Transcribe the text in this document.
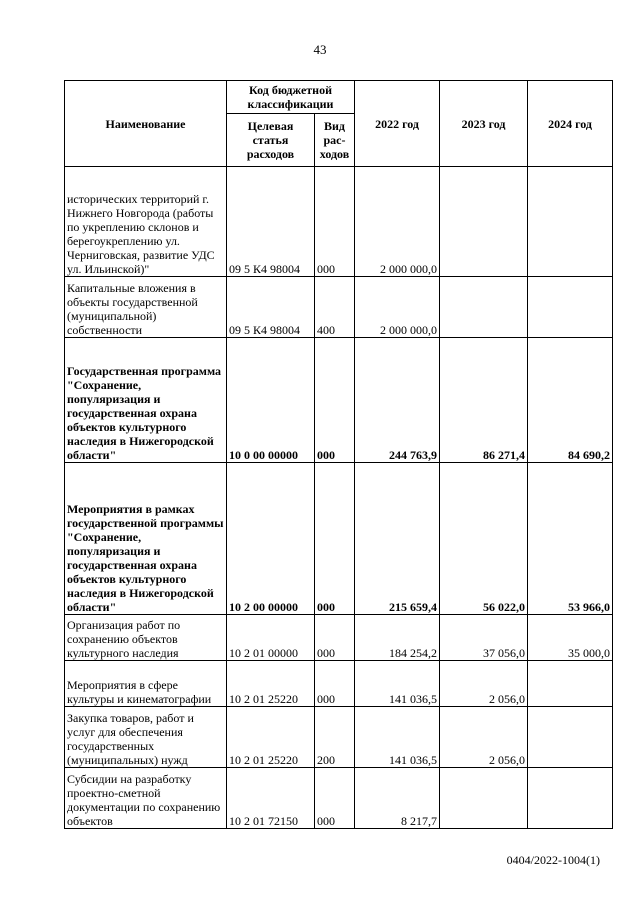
43
Наименование	Код бюджетной классификации		2022 год	2023 год	2024 год
	Целевая статья расходов	Вид рас-ходов			
исторических территорий г. Нижнего Новгорода (работы по укреплению склонов и берегоукреплению ул. Черниговская, развитие УДС ул. Ильинской)"	09 5 К4 98004	000	2 000 000,0		
Капитальные вложения в объекты государственной (муниципальной) собственности	09 5 К4 98004	400	2 000 000,0		
Государственная программа "Сохранение, популяризация и государственная охрана объектов культурного наследия в Нижегородской области"	10 0 00 00000	000	244 763,9	86 271,4	84 690,2
Мероприятия в рамках государственной программы "Сохранение, популяризация и государственная охрана объектов культурного наследия в Нижегородской области"	10 2 00 00000	000	215 659,4	56 022,0	53 966,0
Организация работ по сохранению объектов культурного наследия	10 2 01 00000	000	184 254,2	37 056,0	35 000,0
Мероприятия в сфере культуры и кинематографии	10 2 01 25220	000	141 036,5	2 056,0	
Закупка товаров, работ и услуг для обеспечения государственных (муниципальных) нужд	10 2 01 25220	200	141 036,5	2 056,0	
Субсидии на разработку проектно-сметной документации по сохранению объектов	10 2 01 72150	000	8 217,7		
0404/2022-1004(1)
